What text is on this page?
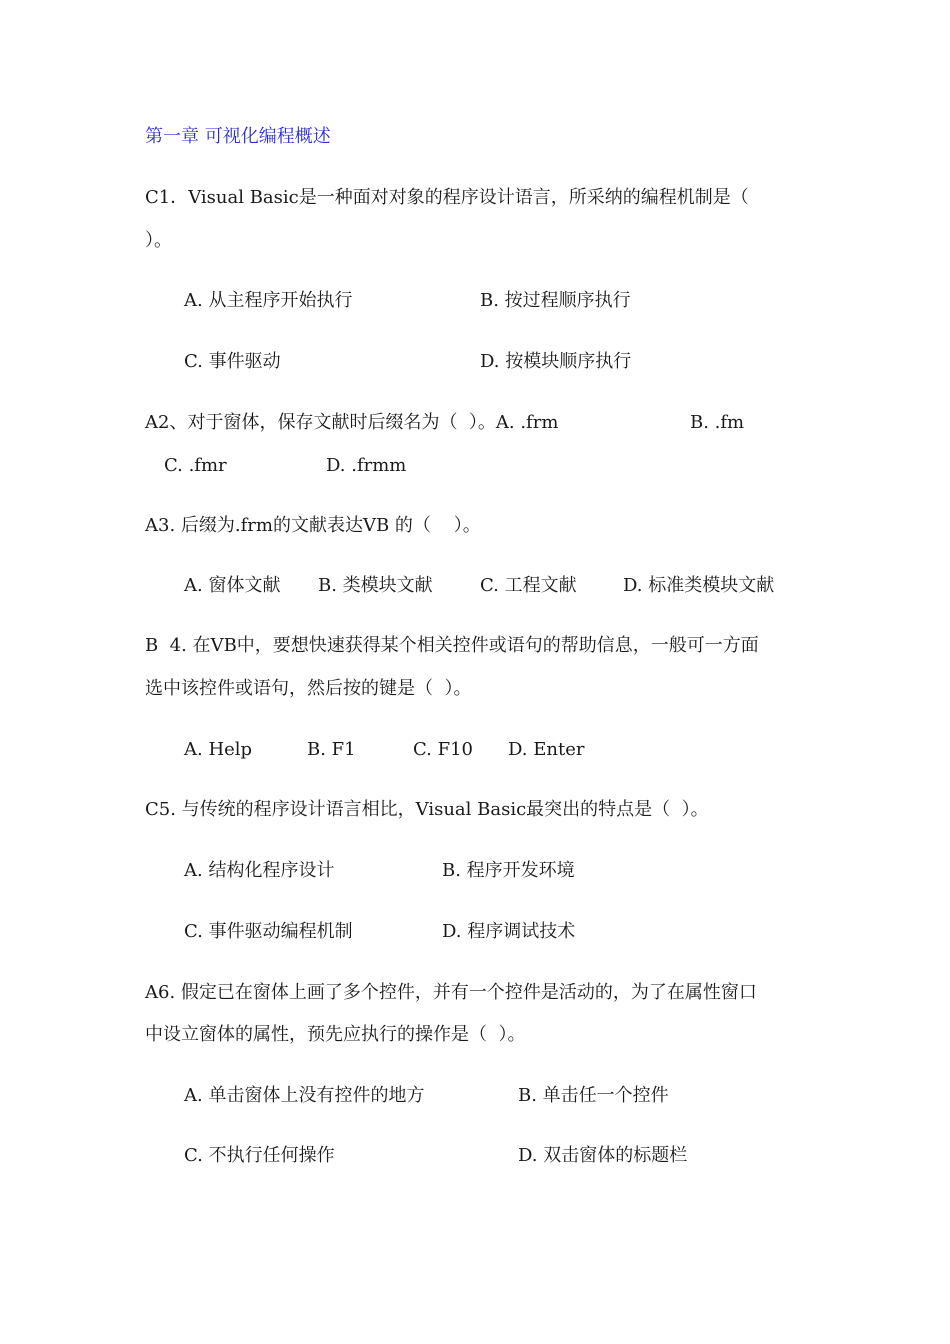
第一章 可视化编程概述
C1．Visual Basic是一种面对对象的程序设计语言，所采纳的编程机制是（
）。
A. 从主程序开始执行	B. 按过程顺序执行
C. 事件驱动	D. 按模块顺序执行
A2、对于窗体，保存文献时后缀名为（  ）。A. .frm	B. .fm
C. .fmr	D. .frmm
A3. 后缀为.frm的文献表达VB 的（    ）。
A. 窗体文献 B. 类模块文献	C. 工程文献	D. 标准类模块文献
B  4. 在VB中，要想快速获得某个相关控件或语句的帮助信息，一般可一方面
选中该控件或语句，然后按的键是（  ）。
A. Help	B. F1	C. F10 D. Enter
C5. 与传统的程序设计语言相比，Visual Basic最突出的特点是（  ）。
A. 结构化程序设计	B. 程序开发环境
C. 事件驱动编程机制	D. 程序调试技术
A6. 假定已在窗体上画了多个控件，并有一个控件是活动的，为了在属性窗口
中设立窗体的属性，预先应执行的操作是（  ）。
A. 单击窗体上没有控件的地方	B. 单击任一个控件
C. 不执行任何操作	D. 双击窗体的标题栏
